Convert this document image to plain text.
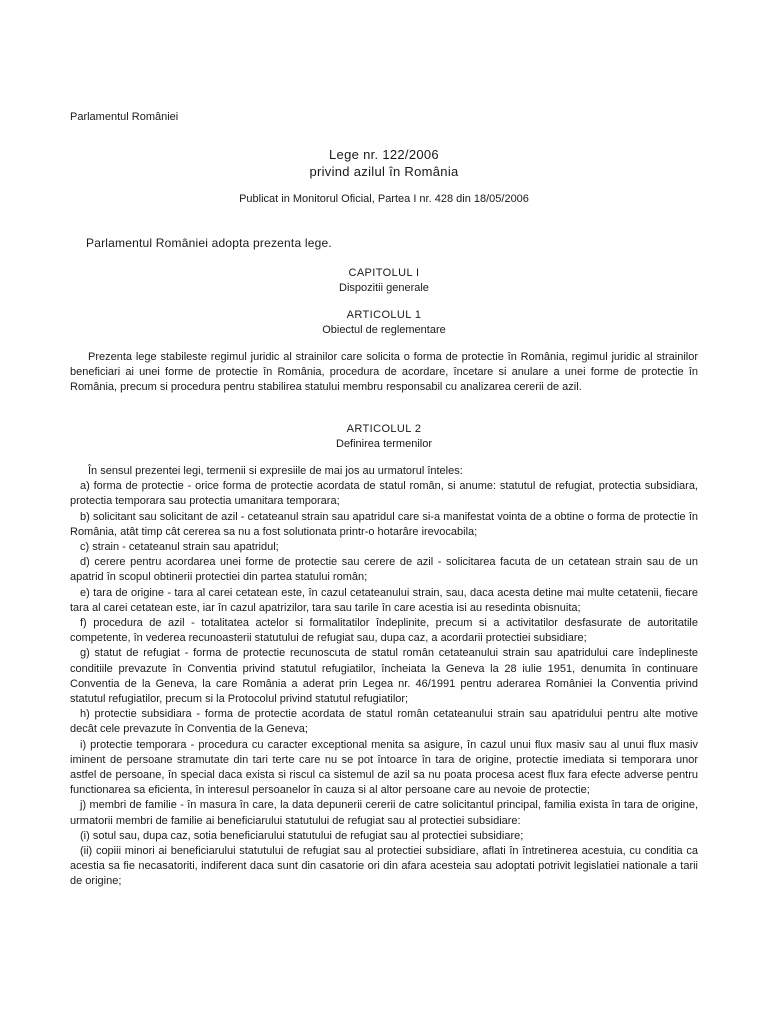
Parlamentul României
Lege nr. 122/2006
privind azilul în România
Publicat in Monitorul Oficial, Partea I nr. 428 din 18/05/2006
Parlamentul României adopta prezenta lege.
CAPITOLUL I
Dispozitii generale
ARTICOLUL 1
Obiectul de reglementare

Prezenta lege stabileste regimul juridic al strainilor care solicita o forma de protectie în România, regimul juridic al strainilor beneficiari ai unei forme de protectie în România, procedura de acordare, încetare si anulare a unei forme de protectie în România, precum si procedura pentru stabilirea statului membru responsabil cu analizarea cererii de azil.

ARTICOLUL 2
Definirea termenilor

În sensul prezentei legi, termenii si expresiile de mai jos au urmatorul înteles:

a) forma de protectie - orice forma de protectie acordata de statul român, si anume: statutul de refugiat, protectia subsidiara, protectia temporara sau protectia umanitara temporara;

b) solicitant sau solicitant de azil - cetateanul strain sau apatridul care si-a manifestat vointa de a obtine o forma de protectie în România, atât timp cât cererea sa nu a fost solutionata printr-o hotarâre irevocabila;

c) strain - cetateanul strain sau apatridul;

d) cerere pentru acordarea unei forme de protectie sau cerere de azil - solicitarea facuta de un cetatean strain sau de un apatrid în scopul obtinerii protectiei din partea statului român;

e) tara de origine - tara al carei cetatean este, în cazul cetateanului strain, sau, daca acesta detine mai multe cetatenii, fiecare tara al carei cetatean este, iar în cazul apatrizilor, tara sau tarile în care acestia isi au resedinta obisnuita;

f) procedura de azil - totalitatea actelor si formalitatilor îndeplinite, precum si a activitatilor desfasurate de autoritatile competente, în vederea recunoasterii statutului de refugiat sau, dupa caz, a acordarii protectiei subsidiare;

g) statut de refugiat - forma de protectie recunoscuta de statul român cetateanului strain sau apatridului care îndeplineste conditiile prevazute în Conventia privind statutul refugiatilor, încheiata la Geneva la 28 iulie 1951, denumita în continuare Conventia de la Geneva, la care România a aderat prin Legea nr. 46/1991 pentru aderarea României la Conventia privind statutul refugiatilor, precum si la Protocolul privind statutul refugiatilor;

h) protectie subsidiara - forma de protectie acordata de statul român cetateanului strain sau apatridului pentru alte motive decât cele prevazute în Conventia de la Geneva;

i) protectie temporara - procedura cu caracter exceptional menita sa asigure, în cazul unui flux masiv sau al unui flux masiv iminent de persoane stramutate din tari terte care nu se pot întoarce în tara de origine, protectie imediata si temporara unor astfel de persoane, în special daca exista si riscul ca sistemul de azil sa nu poata procesa acest flux fara efecte adverse pentru functionarea sa eficienta, în interesul persoanelor în cauza si al altor persoane care au nevoie de protectie;

j) membri de familie - în masura în care, la data depunerii cererii de catre solicitantul principal, familia exista în tara de origine, urmatorii membri de familie ai beneficiarului statutului de refugiat sau al protectiei subsidiare:

(i) sotul sau, dupa caz, sotia beneficiarului statutului de refugiat sau al protectiei subsidiare;

(ii) copiii minori ai beneficiarului statutului de refugiat sau al protectiei subsidiare, aflati în întretinerea acestuia, cu conditia ca acestia sa fie necasatoriti, indiferent daca sunt din casatorie ori din afara acesteia sau adoptati potrivit legislatiei nationale a tarii de origine;
